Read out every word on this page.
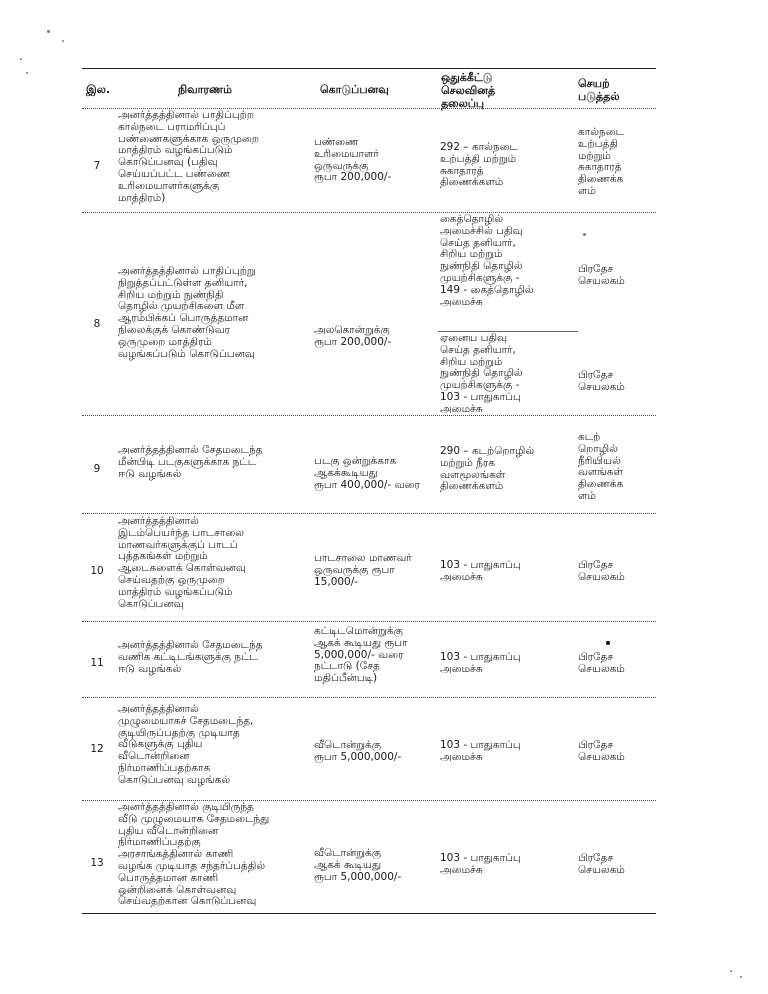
இல.	நிவாரணம்	கொடுப்பனவு
ஒதுக்கீட்டு
செலவினத்
தலைப்பு
செயற்
படுத்தல்
7
அனர்த்தத்தினால் பாதிப்புற்ற
கால்நடை பராமரிப்புப்
பண்ணைகளுக்காக ஒருமுறை
மாத்திரம் வழங்கப்படும்
கொடுப்பனவு (பதிவு
செய்யப்பட்ட பண்ணை
உரிமையாளர்களுக்கு
மாத்திரம்)
பண்ணை
உரிமையாளர்
ஒருவருக்கு
ரூபா 200,000/-
292 – கால்நடை
உற்பத்தி மற்றும்
சுகாதாரத்
திணைக்களம்
கால்நடை
உற்பத்தி
மற்றும்
சுகாதாரத்
திணைக்க
ளம்
8
அனர்த்தத்தினால் பாதிப்புற்று
நிறுத்தப்பட்டுள்ள தனியார்,
சிறிய மற்றும் நுண்நிதி
தொழில் முயற்சிகளை மீள
ஆரம்பிக்கப் பொருத்தமான
நிலைக்குக் கொண்டுவர
ஒருமுறை மாத்திரம்
வழங்கப்படும் கொடுப்பனவு
அலகொன்றுக்கு
ரூபா 200,000/-
கைத்தொழில்
அமைச்சில் பதிவு
செய்த தனியார்,
சிறிய மற்றும்
நுண்நிதி தொழில்
முயற்சிகளுக்கு -
149 - கைத்தொழில்
அமைச்சு
பிரதேச
செயலகம்
ஏனைய பதிவு
செய்த தனியார்,
சிறிய மற்றும்
நுண்நிதி தொழில்
முயற்சிகளுக்கு -
103 - பாதுகாப்பு
அமைச்சு
பிரதேச
செயலகம்
9
அனர்த்தத்தினால் சேதமடைந்த
மீன்பிடி படகுகளுக்காக நட்ட
ஈடு வழங்கல்
படகு ஒன்றுக்காக
ஆகக்கூடியது
ரூபா 400,000/- வரை
290 – கடற்றொழில்
மற்றும் நீரக
வளமூலங்கள்
திணைக்களம்
கடற்
றொழில்
நீரியியல்
வளங்கள்
திணைக்க
ளம்
10
அனர்த்தத்தினால்
இடம்பெயர்ந்த பாடசாலை
மாணவர்களுக்குப் பாடப்
புத்தகங்கள் மற்றும்
ஆடைகளைக் கொள்வனவு
செய்வதற்கு ஒருமுறை
மாத்திரம் வழங்கப்படும்
கொடுப்பனவு
பாடசாலை மாணவர்
ஒருவருக்கு ரூபா
15,000/-
103 - பாதுகாப்பு
அமைச்சு
பிரதேச
செயலகம்
11
அனர்த்தத்தினால் சேதமடைந்த
வணிக கட்டிடங்களுக்கு நட்ட
ஈடு வழங்கல்
கட்டிடமொன்றுக்கு
ஆகக் கூடியது ரூபா
5,000,000/- வரை
நட்டாடு (சேத
மதிப்பீன்படி)
103 - பாதுகாப்பு
அமைச்சு
பிரதேச
செயலகம்
12
அனர்த்தத்தினால்
முழுமையாகச் சேதமடைந்த,
குடியிருப்பதற்கு முடியாத
வீடுகளுக்கு புதிய
வீடொன்றினை
நிர்மாணிப்பதற்காக
கொடுப்பனவு வழங்கல்
வீடொன்றுக்கு
ரூபா 5,000,000/-
103 - பாதுகாப்பு
அமைச்சு
பிரதேச
செயலகம்
13
அனர்த்தத்தினால் குடியிருந்த
வீடு முழுமையாக சேதமடைந்து
புதிய வீடொன்றினை
நிர்மாணிப்பதற்கு
அரசாங்கத்தினால் காணி
வழங்க முடியாத சந்தர்ப்பத்தில்
பொருத்தமான காணி
ஒன்றினைக் கொள்வனவு
செய்வதற்கான கொடுப்பனவு
வீடொன்றுக்கு
ஆகக் கூடியது
ரூபா 5,000,000/-
103 - பாதுகாப்பு
அமைச்சு
பிரதேச
செயலகம்
